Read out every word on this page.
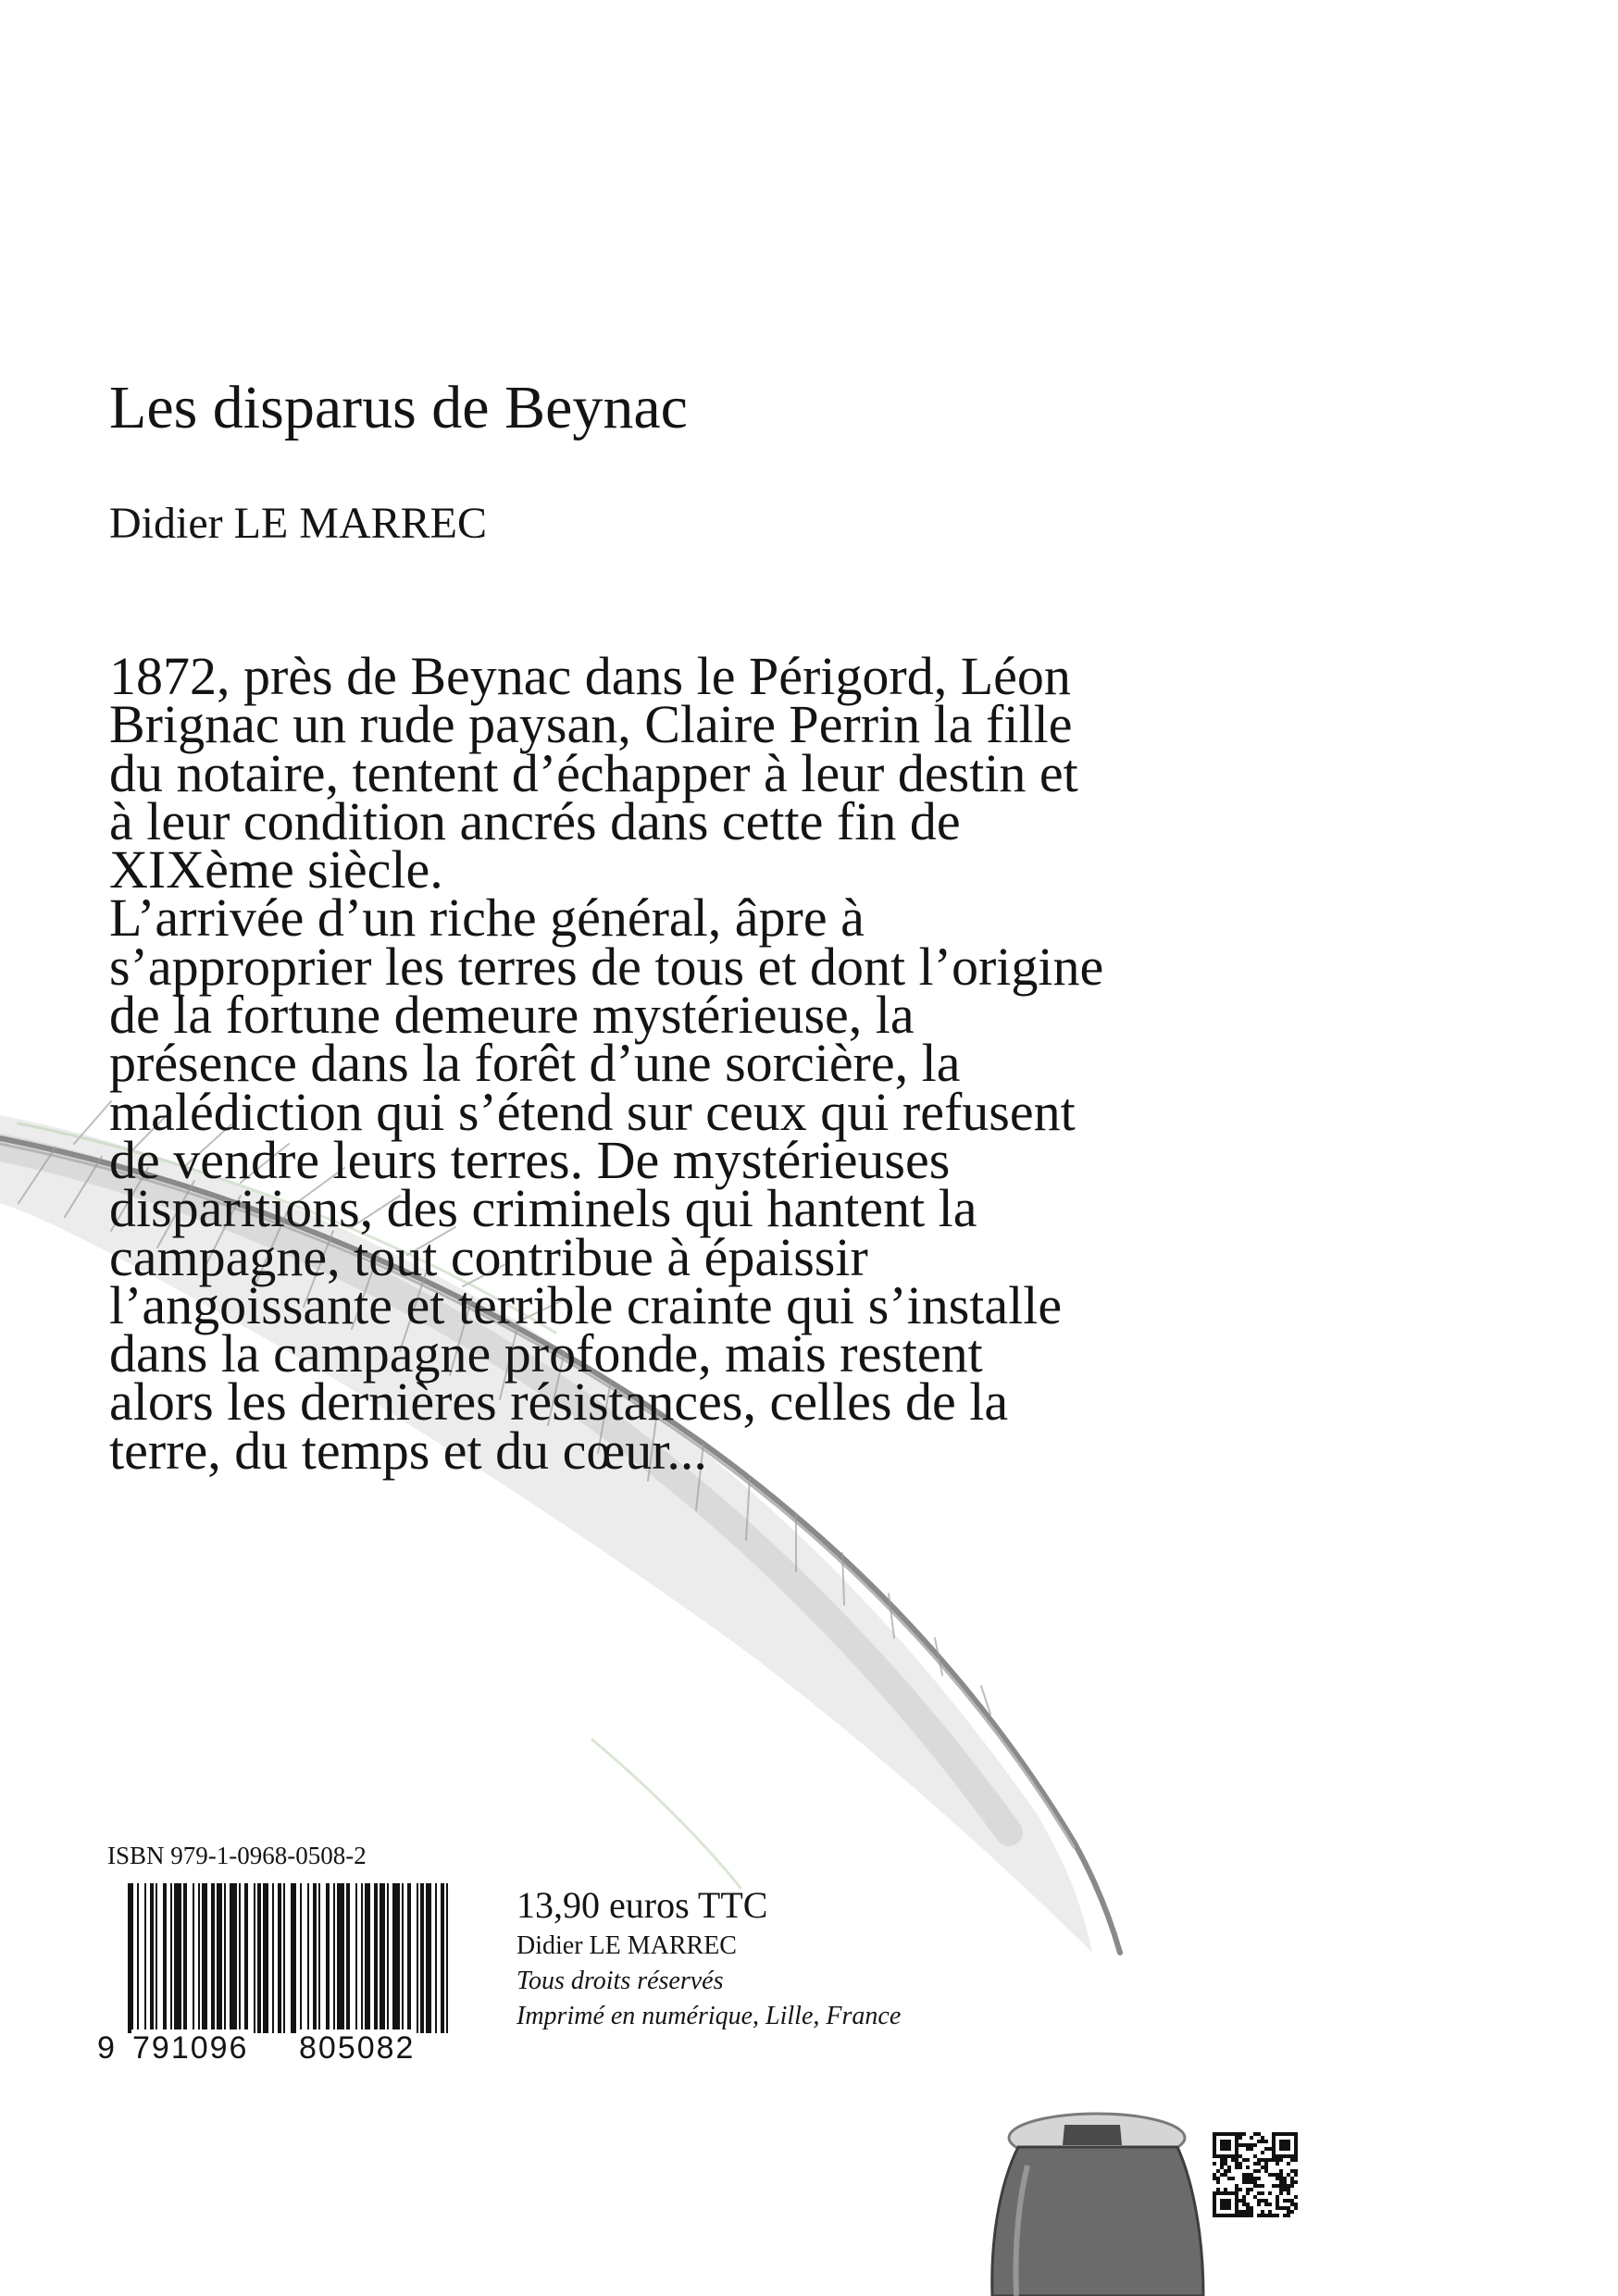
Les disparus de Beynac
Didier LE MARREC
1872, près de Beynac dans le Périgord, Léon
Brignac un rude paysan, Claire Perrin la fille
du notaire, tentent d’échapper à leur destin et
à leur condition ancrés dans cette fin de
XIXème siècle.
L’arrivée d’un riche général, âpre à
s’approprier les terres de tous et dont l’origine
de la fortune demeure mystérieuse, la
présence dans la forêt d’une sorcière, la
malédiction qui s’étend sur ceux qui refusent
de vendre leurs terres. De mystérieuses
disparitions, des criminels qui hantent la
campagne, tout contribue à épaissir
l’angoissante et terrible crainte qui s’installe
dans la campagne profonde, mais restent
alors les dernières résistances, celles de la
terre, du temps et du cœur...
ISBN 979-1-0968-0508-2
9 791096 805082
13,90 euros TTC
Didier LE MARREC
Tous droits réservés
Imprimé en numérique, Lille, France
